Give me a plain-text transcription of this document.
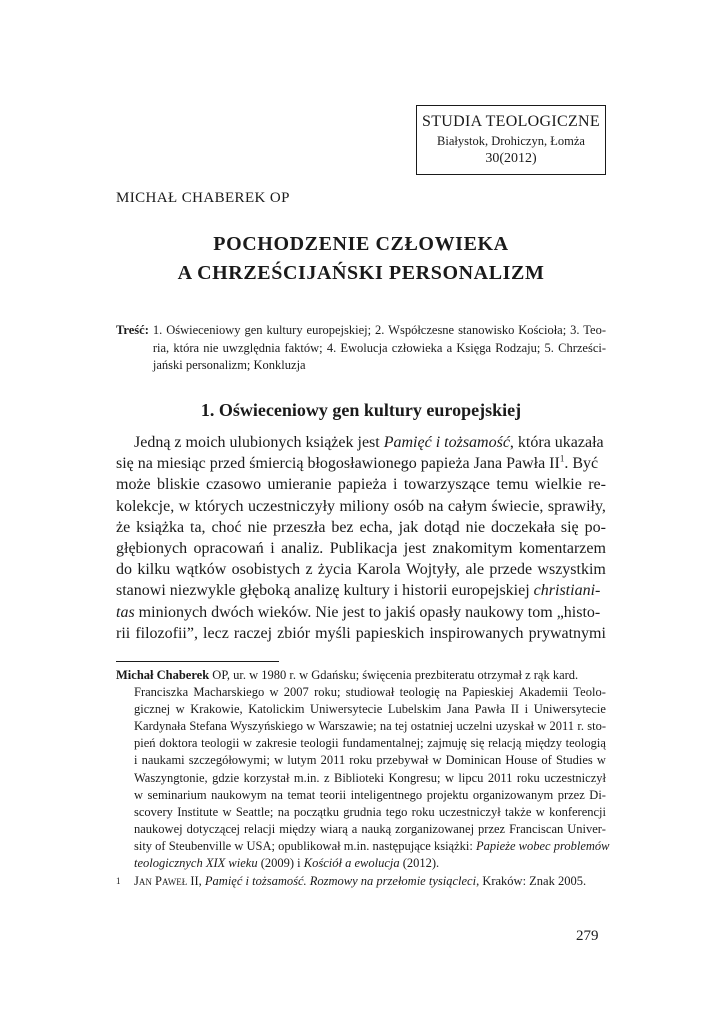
STUDIA TEOLOGICZNE
Białystok, Drohiczyn, Łomża
30(2012)
MICHAŁ CHABEREK OP
POCHODZENIE CZŁOWIEKA
A CHRZEŚCIJAŃSKI PERSONALIZM
Treść: 1. Oświeceniowy gen kultury europejskiej; 2. Współczesne stanowisko Kościoła; 3. Teo-
ria, która nie uwzględnia faktów; 4. Ewolucja człowieka a Księga Rodzaju; 5. Chrześci-
jański personalizm; Konkluzja
1. Oświeceniowy gen kultury europejskiej
Jedną z moich ulubionych książek jest Pamięć i tożsamość, która ukazała
się na miesiąc przed śmiercią błogosławionego papieża Jana Pawła $II^1$. Być
może bliskie czasowo umieranie papieża i towarzyszące temu wielkie re-
kolekcje, w których uczestniczyły miliony osób na całym świecie, sprawiły,
że książka ta, choć nie przeszła bez echa, jak dotąd nie doczekała się po-
głębionych opracowań i analiz. Publikacja jest znakomitym komentarzem
do kilku wątków osobistych z życia Karola Wojtyły, ale przede wszystkim
stanowi niezwykle głęboką analizę kultury i historii europejskiej christiani-
tas minionych dwóch wieków. Nie jest to jakiś opasły naukowy tom „histo-
rii filozofii”, lecz raczej zbiór myśli papieskich inspirowanych prywatnymi
Michał Chaberek OP, ur. w 1980 r. w Gdańsku; święcenia prezbiteratu otrzymał z rąk kard.
Franciszka Macharskiego w 2007 roku; studiował teologię na Papieskiej Akademii Teolo-
gicznej w Krakowie, Katolickim Uniwersytecie Lubelskim Jana Pawła II i Uniwersytecie
Kardynała Stefana Wyszyńskiego w Warszawie; na tej ostatniej uczelni uzyskał w 2011 r. sto-
pień doktora teologii w zakresie teologii fundamentalnej; zajmuję się relacją między teologią
i naukami szczegółowymi; w lutym 2011 roku przebywał w Dominican House of Studies w
Waszyngtonie, gdzie korzystał m.in. z Biblioteki Kongresu; w lipcu 2011 roku uczestniczył
w seminarium naukowym na temat teorii inteligentnego projektu organizowanym przez Di-
scovery Institute w Seattle; na początku grudnia tego roku uczestniczył także w konferencji
naukowej dotyczącej relacji między wiarą a nauką zorganizowanej przez Franciscan Univer-
sity of Steubenville w USA; opublikował m.in. następujące książki: Papieże wobec problemów
teologicznych XIX wieku (2009) i Kościół a ewolucja (2012).
1 Jan Paweł II, Pamięć i tożsamość. Rozmowy na przełomie tysiącleci, Kraków: Znak 2005.
279
